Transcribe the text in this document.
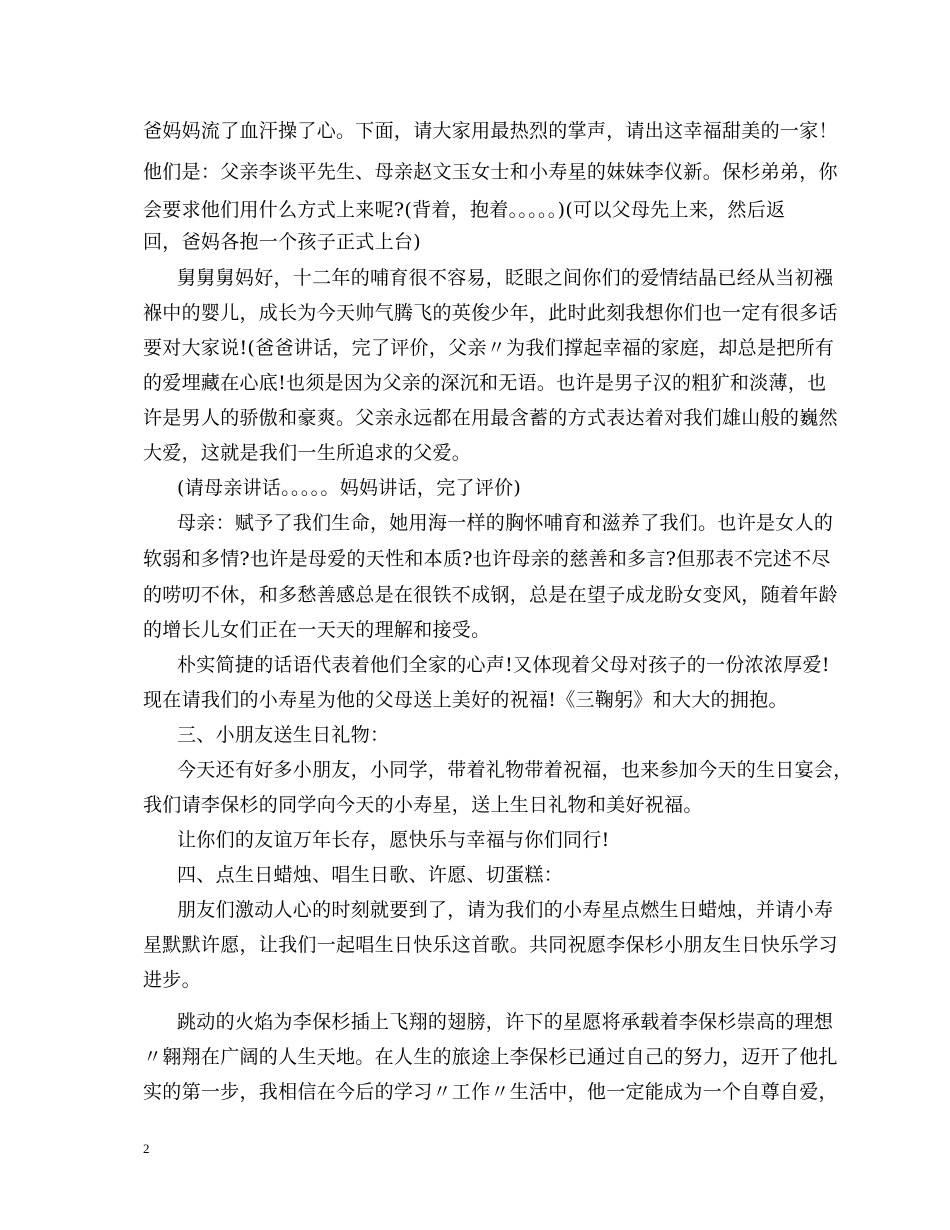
爸妈妈流了血汗操了心。下面，请大家用最热烈的掌声，请出这幸福甜美的一家！
他们是：父亲李谈平先生、母亲赵文玉女士和小寿星的妹妹李仪新。保杉弟弟，你
会要求他们用什么方式上来呢?(背着，抱着。。。。。)(可以父母先上来，然后返
回，爸妈各抱一个孩子正式上台)
舅舅舅妈好，十二年的哺育很不容易，眨眼之间你们的爱情结晶已经从当初襁
褓中的婴儿，成长为今天帅气腾飞的英俊少年，此时此刻我想你们也一定有很多话
要对大家说!(爸爸讲话，完了评价，父亲〃为我们撑起幸福的家庭，却总是把所有
的爱埋藏在心底!也须是因为父亲的深沉和无语。也许是男子汉的粗犷和淡薄，也
许是男人的骄傲和豪爽。父亲永远都在用最含蓄的方式表达着对我们雄山般的巍然
大爱，这就是我们一生所追求的父爱。
(请母亲讲话。。。。。妈妈讲话，完了评价)
母亲：赋予了我们生命，她用海一样的胸怀哺育和滋养了我们。也许是女人的
软弱和多情?也许是母爱的天性和本质?也许母亲的慈善和多言?但那表不完述不尽
的唠叨不休，和多愁善感总是在很铁不成钢，总是在望子成龙盼女变风，随着年龄
的增长儿女们正在一天天的理解和接受。
朴实简捷的话语代表着他们全家的心声!又体现着父母对孩子的一份浓浓厚爱!
现在请我们的小寿星为他的父母送上美好的祝福!《三鞠躬》和大大的拥抱。
三、小朋友送生日礼物：
今天还有好多小朋友，小同学，带着礼物带着祝福，也来参加今天的生日宴会，
我们请李保杉的同学向今天的小寿星，送上生日礼物和美好祝福。
让你们的友谊万年长存，愿快乐与幸福与你们同行!
四、点生日蜡烛、唱生日歌、许愿、切蛋糕：
朋友们激动人心的时刻就要到了，请为我们的小寿星点燃生日蜡烛，并请小寿
星默默许愿，让我们一起唱生日快乐这首歌。共同祝愿李保杉小朋友生日快乐学习
进步。
跳动的火焰为李保杉插上飞翔的翅膀，许下的星愿将承载着李保杉崇高的理想
〃翱翔在广阔的人生天地。在人生的旅途上李保杉已通过自己的努力，迈开了他扎
实的第一步，我相信在今后的学习〃工作〃生活中，他一定能成为一个自尊自爱，
2
